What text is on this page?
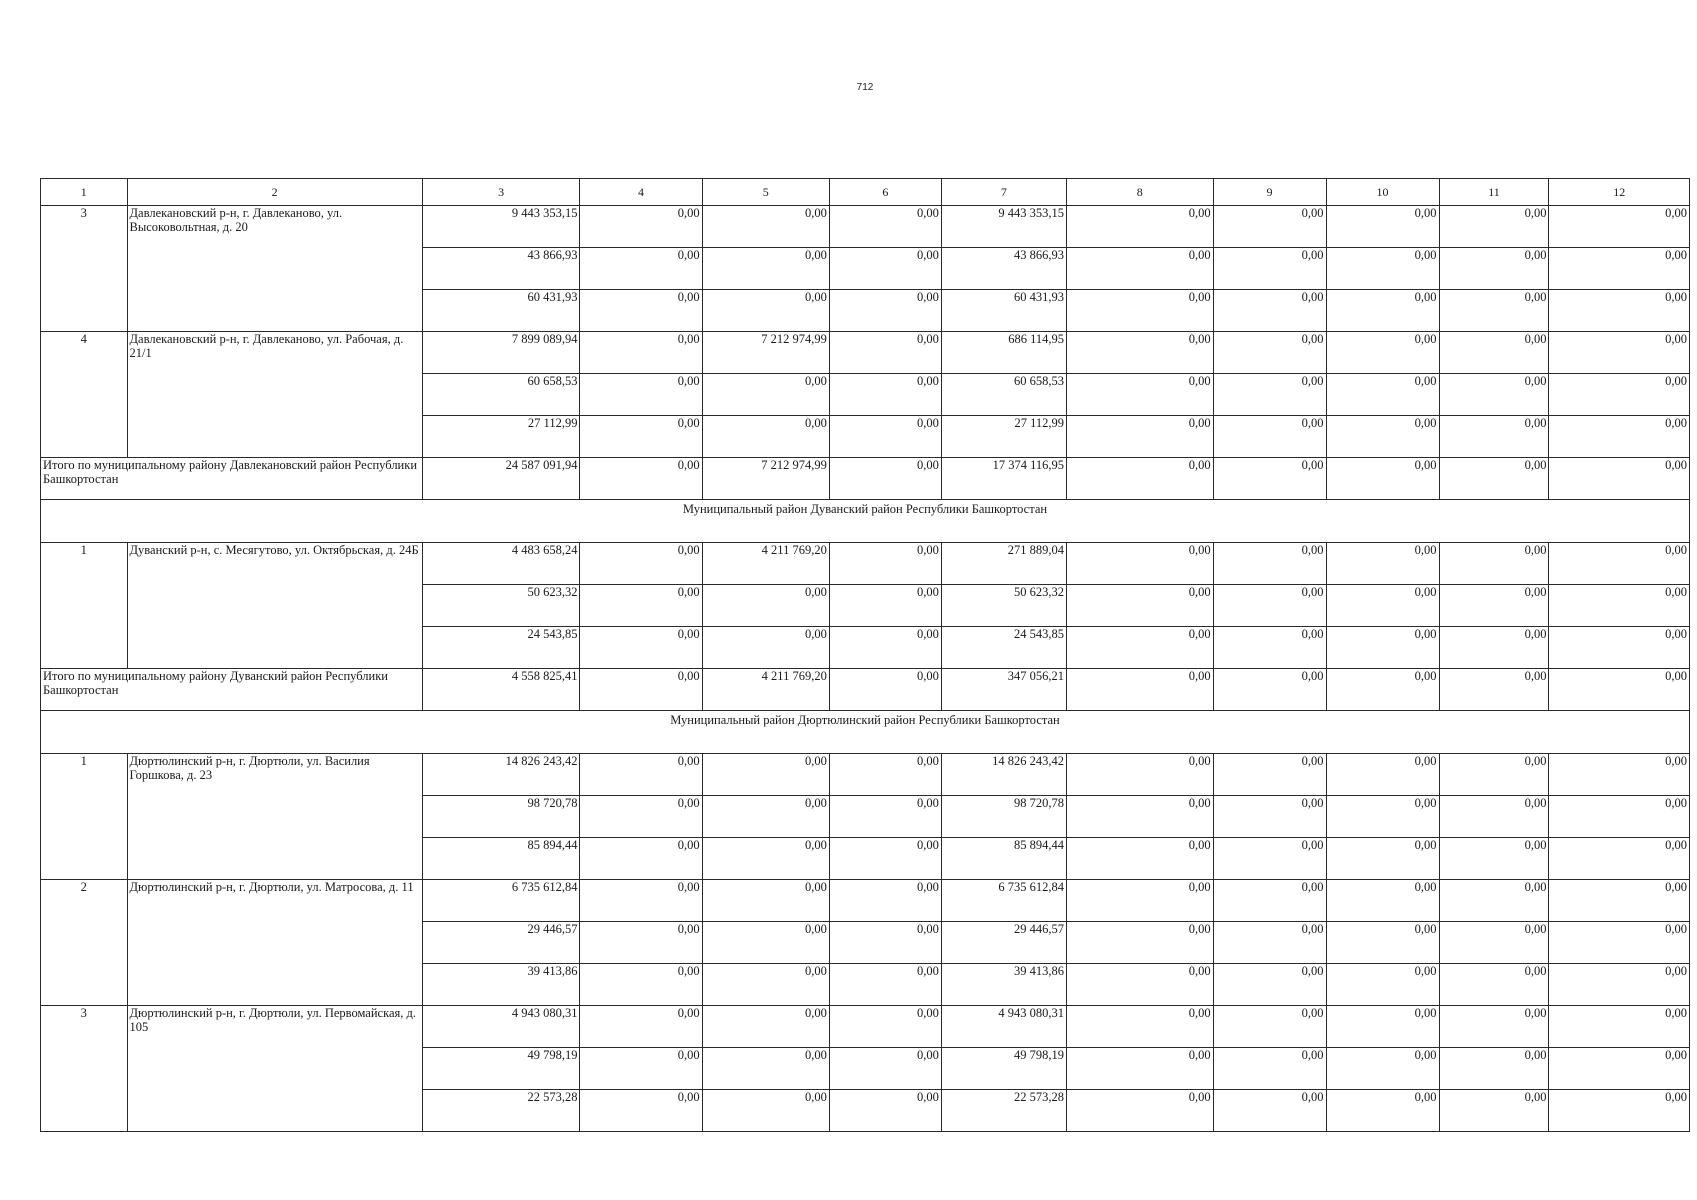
712
1	2	3	4	5	6	7	8	9	10	11	12
3	Давлекановский р-н, г. Давлеканово, ул. Высоковольтная, д. 20	9 443 353,15	0,00	0,00	0,00	9 443 353,15	0,00	0,00	0,00	0,00	0,00
		43 866,93	0,00	0,00	0,00	43 866,93	0,00	0,00	0,00	0,00	0,00
		60 431,93	0,00	0,00	0,00	60 431,93	0,00	0,00	0,00	0,00	0,00
4	Давлекановский р-н, г. Давлеканово, ул. Рабочая, д. 21/1	7 899 089,94	0,00	7 212 974,99	0,00	686 114,95	0,00	0,00	0,00	0,00	0,00
		60 658,53	0,00	0,00	0,00	60 658,53	0,00	0,00	0,00	0,00	0,00
		27 112,99	0,00	0,00	0,00	27 112,99	0,00	0,00	0,00	0,00	0,00
Итого по муниципальному району Давлекановский район Республики Башкортостан		24 587 091,94	0,00	7 212 974,99	0,00	17 374 116,95	0,00	0,00	0,00	0,00	0,00
Муниципальный район Дуванский район Республики Башкортостан											
1	Дуванский р-н, с. Месягутово, ул. Октябрьская, д. 24Б	4 483 658,24	0,00	4 211 769,20	0,00	271 889,04	0,00	0,00	0,00	0,00	0,00
		50 623,32	0,00	0,00	0,00	50 623,32	0,00	0,00	0,00	0,00	0,00
		24 543,85	0,00	0,00	0,00	24 543,85	0,00	0,00	0,00	0,00	0,00
Итого по муниципальному району Дуванский район Республики Башкортостан		4 558 825,41	0,00	4 211 769,20	0,00	347 056,21	0,00	0,00	0,00	0,00	0,00
Муниципальный район Дюртюлинский район Республики Башкортостан											
1	Дюртюлинский р-н, г. Дюртюли, ул. Василия Горшкова, д. 23	14 826 243,42	0,00	0,00	0,00	14 826 243,42	0,00	0,00	0,00	0,00	0,00
		98 720,78	0,00	0,00	0,00	98 720,78	0,00	0,00	0,00	0,00	0,00
		85 894,44	0,00	0,00	0,00	85 894,44	0,00	0,00	0,00	0,00	0,00
2	Дюртюлинский р-н, г. Дюртюли, ул. Матросова, д. 11	6 735 612,84	0,00	0,00	0,00	6 735 612,84	0,00	0,00	0,00	0,00	0,00
		29 446,57	0,00	0,00	0,00	29 446,57	0,00	0,00	0,00	0,00	0,00
		39 413,86	0,00	0,00	0,00	39 413,86	0,00	0,00	0,00	0,00	0,00
3	Дюртюлинский р-н, г. Дюртюли, ул. Первомайская, д. 105	4 943 080,31	0,00	0,00	0,00	4 943 080,31	0,00	0,00	0,00	0,00	0,00
		49 798,19	0,00	0,00	0,00	49 798,19	0,00	0,00	0,00	0,00	0,00
		22 573,28	0,00	0,00	0,00	22 573,28	0,00	0,00	0,00	0,00	0,00
